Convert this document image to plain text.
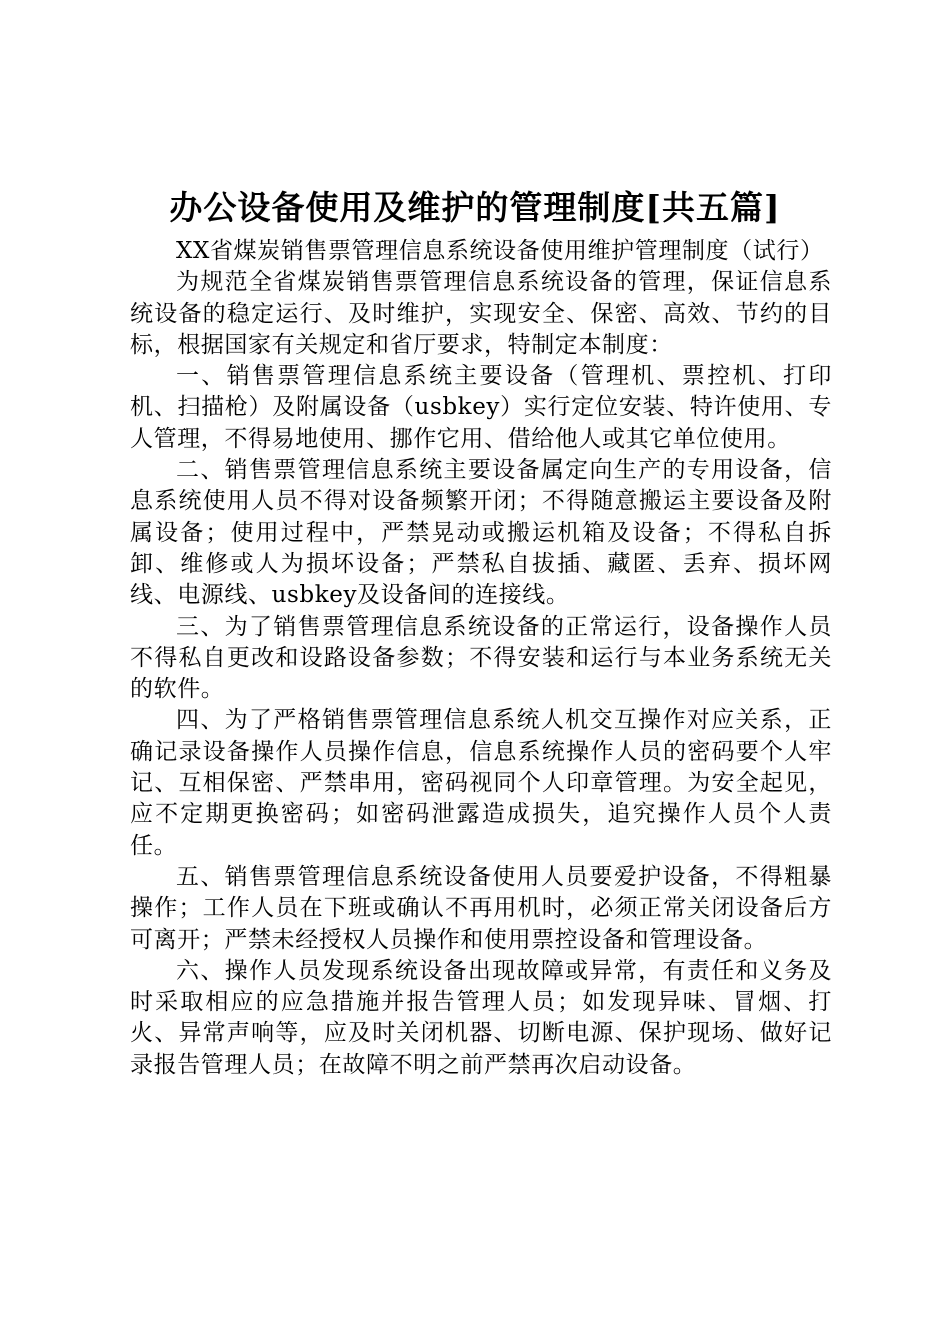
办公设备使用及维护的管理制度[共五篇]

XX省煤炭销售票管理信息系统设备使用维护管理制度（试行）

为规范全省煤炭销售票管理信息系统设备的管理，保证信息系统设备的稳定运行、及时维护，实现安全、保密、高效、节约的目标，根据国家有关规定和省厅要求，特制定本制度：

一、销售票管理信息系统主要设备（管理机、票控机、打印机、扫描枪）及附属设备（usbkey）实行定位安装、特许使用、专人管理，不得易地使用、挪作它用、借给他人或其它单位使用。

二、销售票管理信息系统主要设备属定向生产的专用设备，信息系统使用人员不得对设备频繁开闭；不得随意搬运主要设备及附属设备；使用过程中，严禁晃动或搬运机箱及设备；不得私自拆卸、维修或人为损坏设备；严禁私自拔插、藏匿、丢弃、损坏网线、电源线、usbkey及设备间的连接线。

三、为了销售票管理信息系统设备的正常运行，设备操作人员不得私自更改和设路设备参数；不得安装和运行与本业务系统无关的软件。

四、为了严格销售票管理信息系统人机交互操作对应关系，正确记录设备操作人员操作信息，信息系统操作人员的密码要个人牢记、互相保密、严禁串用，密码视同个人印章管理。为安全起见，应不定期更换密码；如密码泄露造成损失，追究操作人员个人责任。

五、销售票管理信息系统设备使用人员要爱护设备，不得粗暴操作；工作人员在下班或确认不再用机时，必须正常关闭设备后方可离开；严禁未经授权人员操作和使用票控设备和管理设备。

六、操作人员发现系统设备出现故障或异常，有责任和义务及时采取相应的应急措施并报告管理人员；如发现异味、冒烟、打火、异常声响等，应及时关闭机器、切断电源、保护现场、做好记录报告管理人员；在故障不明之前严禁再次启动设备。
